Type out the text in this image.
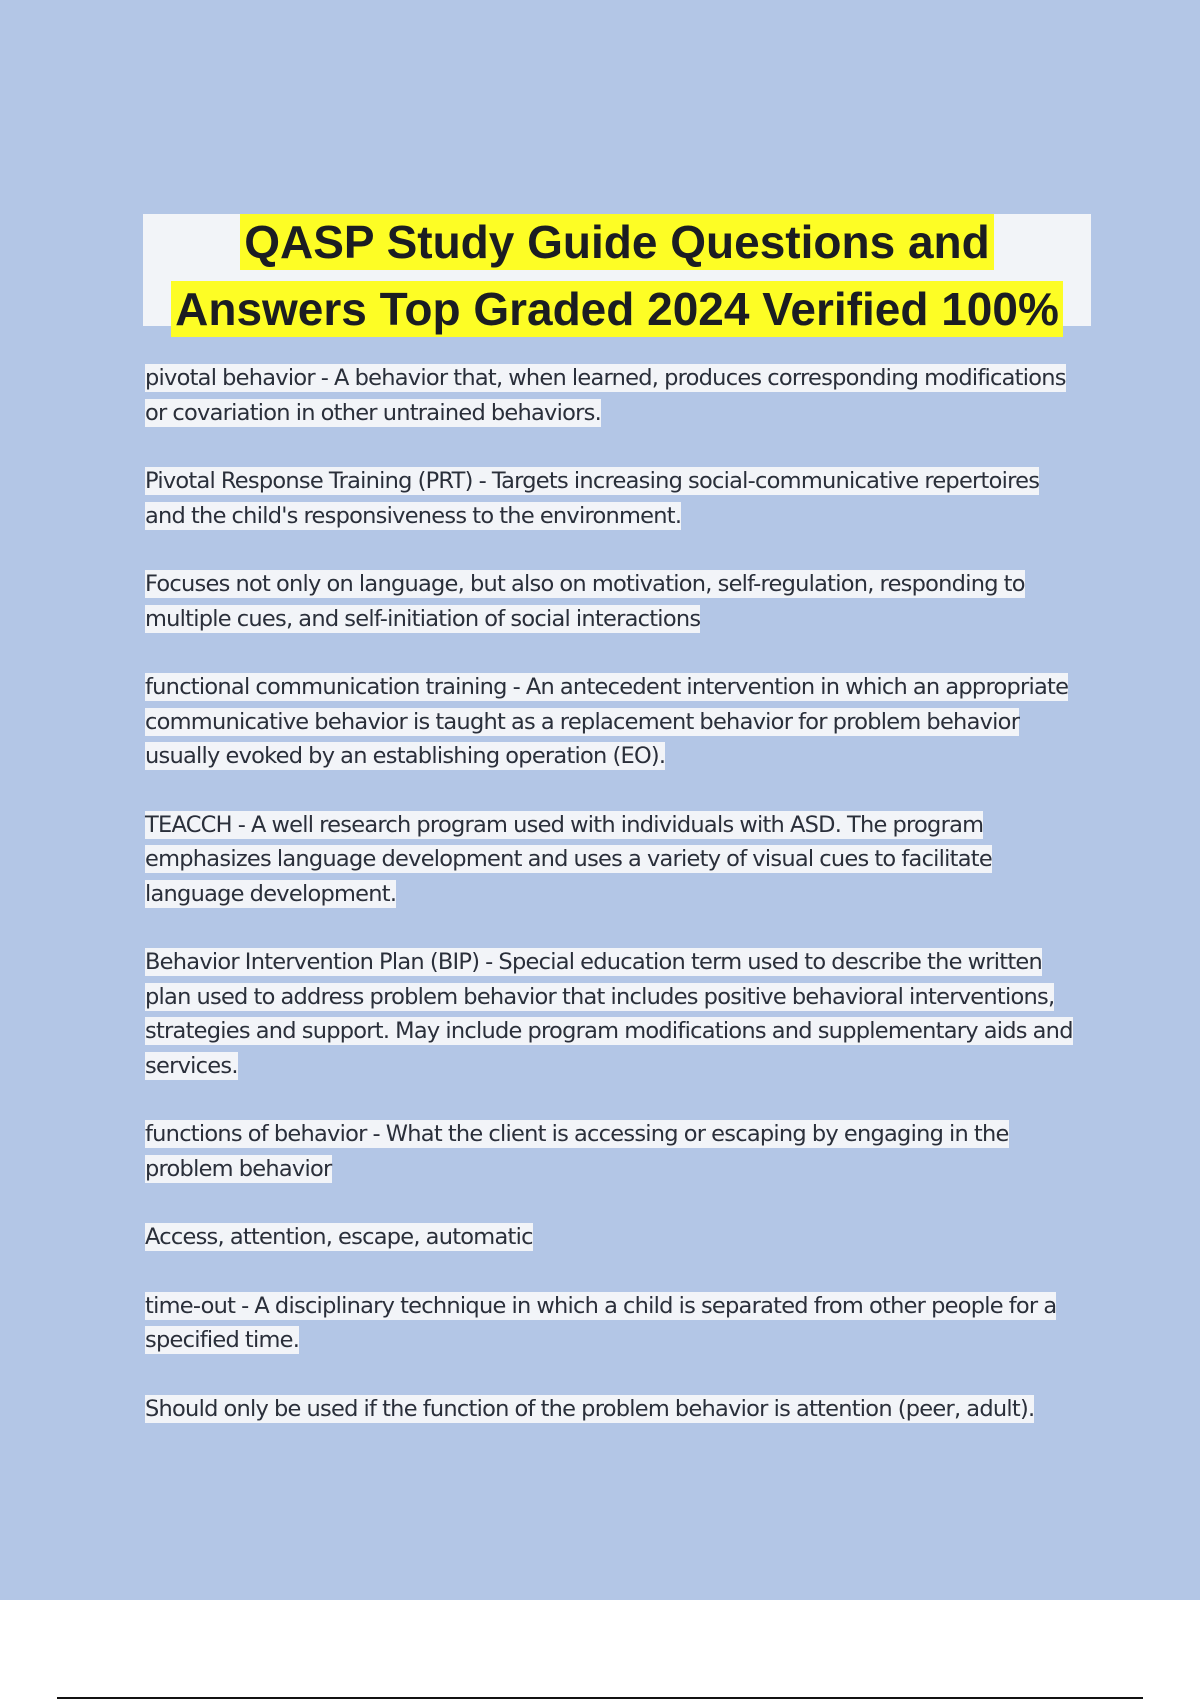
QASP Study Guide Questions and
Answers Top Graded 2024 Verified 100%

pivotal behavior - A behavior that, when learned, produces corresponding modifications or covariation in other untrained behaviors.

Pivotal Response Training (PRT) - Targets increasing social-communicative repertoires and the child's responsiveness to the environment.

Focuses not only on language, but also on motivation, self-regulation, responding to multiple cues, and self-initiation of social interactions

functional communication training - An antecedent intervention in which an appropriate communicative behavior is taught as a replacement behavior for problem behavior usually evoked by an establishing operation (EO).

TEACCH - A well research program used with individuals with ASD. The program emphasizes language development and uses a variety of visual cues to facilitate language development.

Behavior Intervention Plan (BIP) - Special education term used to describe the written plan used to address problem behavior that includes positive behavioral interventions, strategies and support. May include program modifications and supplementary aids and services.

functions of behavior - What the client is accessing or escaping by engaging in the problem behavior

Access, attention, escape, automatic

time-out - A disciplinary technique in which a child is separated from other people for a specified time.

Should only be used if the function of the problem behavior is attention (peer, adult).
